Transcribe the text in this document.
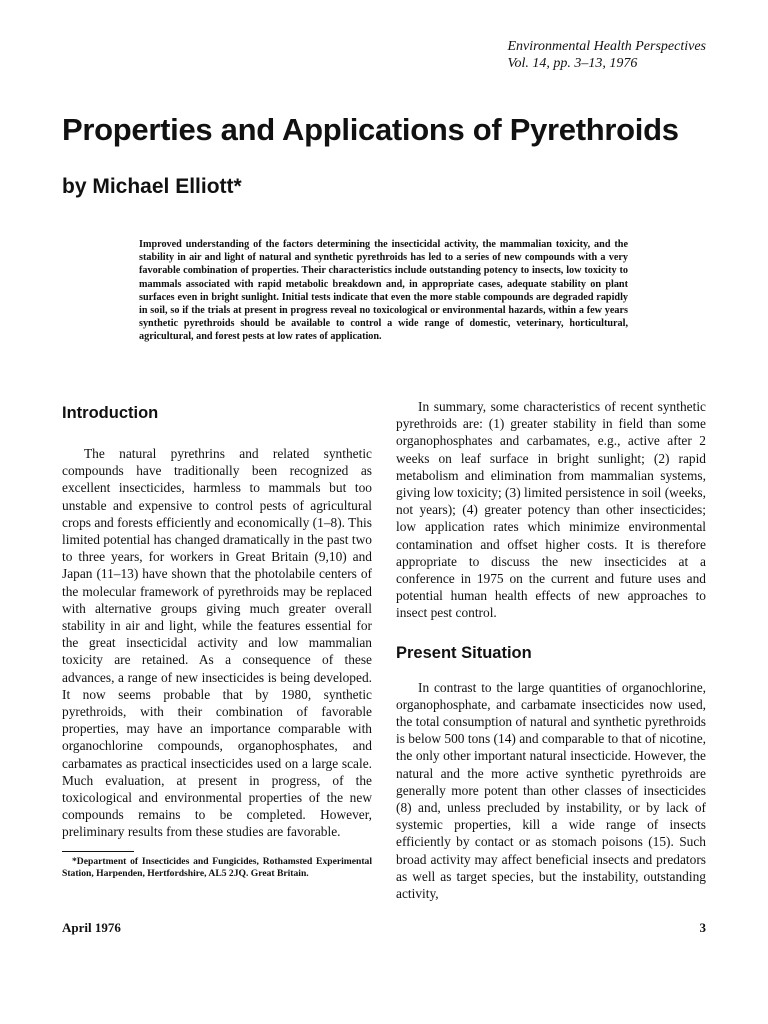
Environmental Health Perspectives
Vol. 14, pp. 3–13, 1976
Properties and Applications of Pyrethroids
by Michael Elliott*

Improved understanding of the factors determining the insecticidal activity, the mammalian toxicity, and the stability in air and light of natural and synthetic pyrethroids has led to a series of new compounds with a very favorable combination of properties. Their characteristics include outstanding potency to insects, low toxicity to mammals associated with rapid metabolic breakdown and, in appropriate cases, adequate stability on plant surfaces even in bright sunlight. Initial tests indicate that even the more stable compounds are degraded rapidly in soil, so if the trials at present in progress reveal no toxicological or environmental hazards, within a few years synthetic pyrethroids should be available to control a wide range of domestic, veterinary, horticultural, agricultural, and forest pests at low rates of application.

Introduction

The natural pyrethrins and related synthetic compounds have traditionally been recognized as excellent insecticides, harmless to mammals but too unstable and expensive to control pests of agricultural crops and forests efficiently and economically (1–8). This limited potential has changed dramatically in the past two to three years, for workers in Great Britain (9,10) and Japan (11–13) have shown that the photolabile centers of the molecular framework of pyrethroids may be replaced with alternative groups giving much greater overall stability in air and light, while the features essential for the great insecticidal activity and low mammalian toxicity are retained. As a consequence of these advances, a range of new insecticides is being developed. It now seems probable that by 1980, synthetic pyrethroids, with their combination of favorable properties, may have an importance comparable with organochlorine compounds, organophosphates, and carbamates as practical insecticides used on a large scale. Much evaluation, at present in progress, of the toxicological and environmental properties of the new compounds remains to be completed. However, preliminary results from these studies are favorable.

*Department of Insecticides and Fungicides, Rothamsted Experimental Station, Harpenden, Hertfordshire, AL5 2JQ. Great Britain.

In summary, some characteristics of recent synthetic pyrethroids are: (1) greater stability in field than some organophosphates and carbamates, e.g., active after 2 weeks on leaf surface in bright sunlight; (2) rapid metabolism and elimination from mammalian systems, giving low toxicity; (3) limited persistence in soil (weeks, not years); (4) greater potency than other insecticides; low application rates which minimize environmental contamination and offset higher costs. It is therefore appropriate to discuss the new insecticides at a conference in 1975 on the current and future uses and potential human health effects of new approaches to insect pest control.

Present Situation

In contrast to the large quantities of organochlorine, organophosphate, and carbamate insecticides now used, the total consumption of natural and synthetic pyrethroids is below 500 tons (14) and comparable to that of nicotine, the only other important natural insecticide. However, the natural and the more active synthetic pyrethroids are generally more potent than other classes of insecticides (8) and, unless precluded by instability, or by lack of systemic properties, kill a wide range of insects efficiently by contact or as stomach poisons (15). Such broad activity may affect beneficial insects and predators as well as target species, but the instability, outstanding activity,

April 1976	3
